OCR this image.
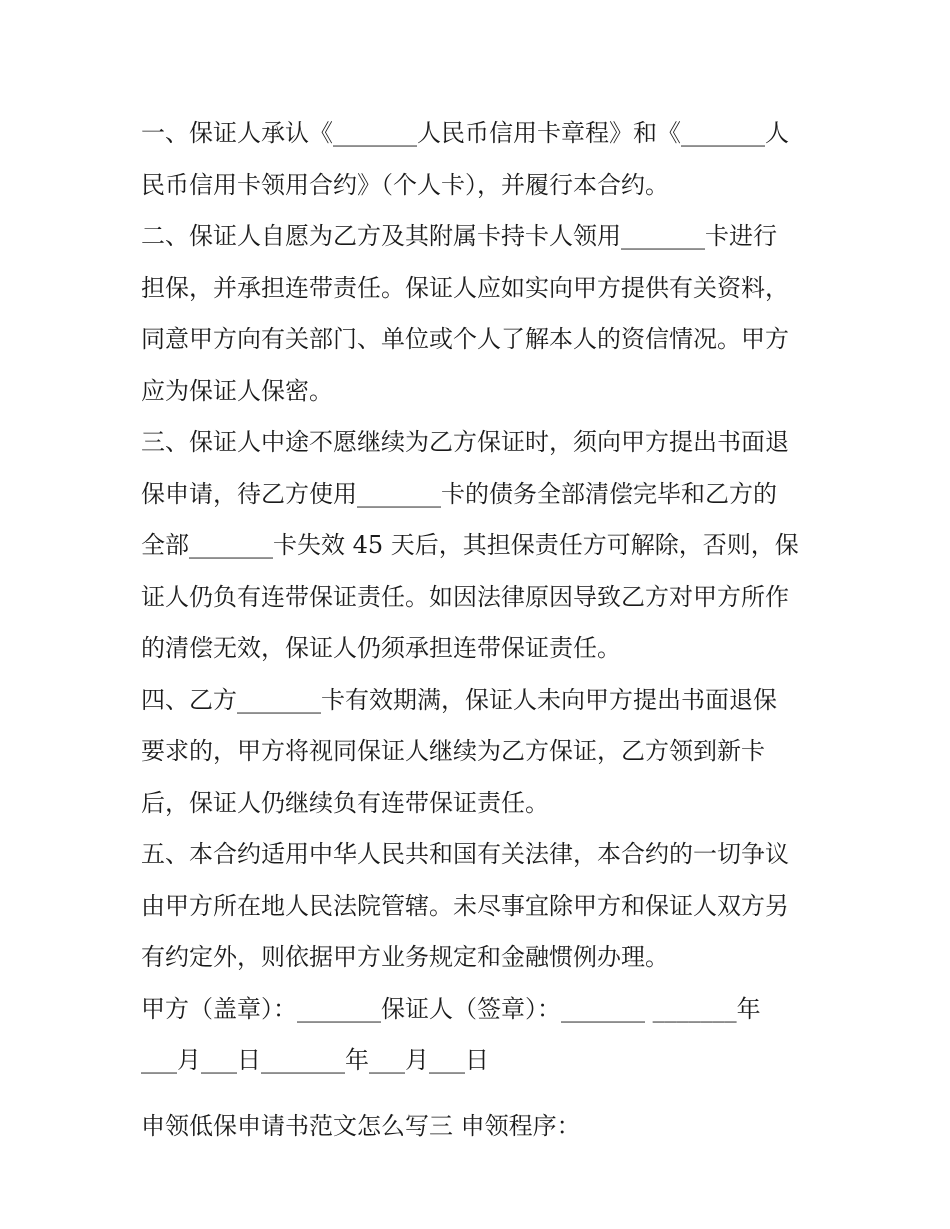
一、保证人承认《_______人民币信用卡章程》和《_______人
民币信用卡领用合约》（个人卡），并履行本合约。
二、保证人自愿为乙方及其附属卡持卡人领用_______卡进行
担保，并承担连带责任。保证人应如实向甲方提供有关资料，
同意甲方向有关部门、单位或个人了解本人的资信情况。甲方
应为保证人保密。
三、保证人中途不愿继续为乙方保证时，须向甲方提出书面退
保申请，待乙方使用_______卡的债务全部清偿完毕和乙方的
全部_______卡失效 45 天后，其担保责任方可解除，否则，保
证人仍负有连带保证责任。如因法律原因导致乙方对甲方所作
的清偿无效，保证人仍须承担连带保证责任。
四、乙方_______卡有效期满，保证人未向甲方提出书面退保
要求的，甲方将视同保证人继续为乙方保证，乙方领到新卡
后，保证人仍继续负有连带保证责任。
五、本合约适用中华人民共和国有关法律，本合约的一切争议
由甲方所在地人民法院管辖。未尽事宜除甲方和保证人双方另
有约定外，则依据甲方业务规定和金融惯例办理。
甲方（盖章）：_______保证人（签章）：_______ _______年
___月___日_______年___月___日
申领低保申请书范文怎么写三 申领程序：
